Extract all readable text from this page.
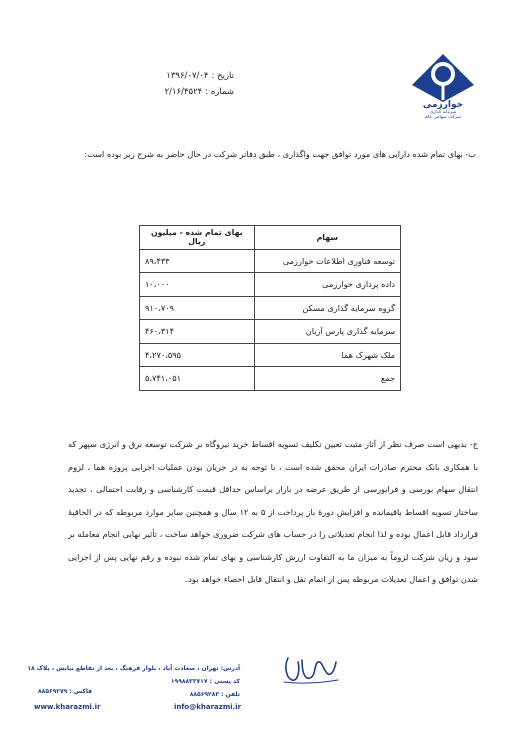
خوارزمی
سرمایه گذاری
شرکت سهامی عام
تاریخ :
۱۳۹۶/۰۷/۰۴
شماره :
۲/۱۶/۴۵۲۴
ب- بهای تمام شده دارایی های مورد توافق جهت واگذاری ، طبق دفاتر شرکت در حال حاضر به شرح زیر بوده است:
سهام	بهای تمام شده - میلیون ریال
توسعه فناوری اطلاعات خوارزمی	۸۹،۴۳۳
داده پردازی خوارزمی	۱۰،۰۰۰
گروه سرمایه گذاری مسکن	۹۱۰،۷۰۹
سرمایه گذاری پارس آریان	۴۶۰،۳۱۴
ملک شهرک هما	۴،۲۷۰،۵۹۵
جمع	۵،۷۴۱،۰۵۱
ج- بدیهی است صرف نظر از آثار مثبت تعیین تکلیف تسویه اقساط خرید نیروگاه بر شرکت توسعه برق و انرژی سپهر که با همکاری بانک محترم صادرات ایران محقق شده است ، با توجه به در جریان بودن عملیات اجرایی پروژه هما ، لزوم انتقال سهام بورسی و فرابورسی از طریق عرضه در بازار براساس حداقل قیمت کارشناسی و رقابت احتمالی ، تجدید ساختار تسویه اقساط باقیمانده و افزایش دورۀ باز پرداخت از ۵ به ۱۲ سال و همچنین سایر موارد مربوطه که در الحاقیۀ قرارداد قابل اعمال بوده و لذا انجام تعدیلاتی را در حساب های شرکت ضروری خواهد ساخت ، تأثیر نهایی انجام معامله بر سود و زیان شرکت لزوماً به میزان ما به التفاوت ارزش کارشناسی و بهای تمام شده نبوده و رقم نهایی پس از اجرایی شدن توافق و اعمال تعدیلات مربوطه پس از اتمام نقل و انتقال قابل احصاء خواهد بود.
آدرس: تهران ، سعادت آباد ، بلوار فرهنگ ، بعد از تقاطع نیایش ، پلاک ۱۸
کد پستی : ۱۹۹۸۸۳۳۷۱۷
تلفن : ۸۸۵۶۹۲۸۳
فاکس : ۸۸۵۶۹۲۷۹
www.kharazmi.ir	info@kharazmi.ir
